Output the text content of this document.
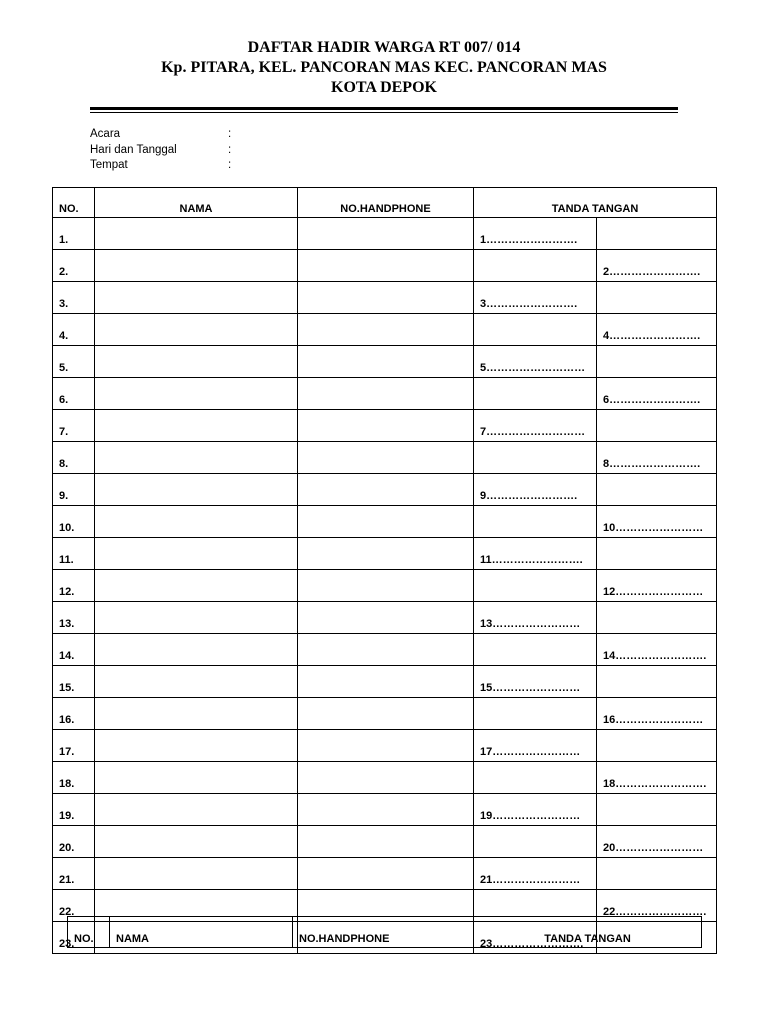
DAFTAR HADIR WARGA RT 007/ 014
Kp. PITARA, KEL. PANCORAN MAS KEC. PANCORAN MAS
KOTA DEPOK
Acara	:
Hari dan Tanggal	:
Tempat	:
NO.	NAMA	NO.HANDPHONE	TANDA TANGAN	
1.			1…………………….	
2.				2…………………….
3.			3…………………….	
4.				4…………………….
5.			5………………………	
6.				6…………………….
7.			7………………………	
8.				8…………………….
9.			9…………………….	
10.				10……………………
11.			11…………………….	
12.				12……………………
13.			13……………………	
14.				14…………………….
15.			15……………………	
16.				16……………………
17.			17……………………	
18.				18…………………….
19.			19……………………	
20.				20……………………
21.			21……………………	
22.				22…………………….
23.			23…………………….	
NO.	NAMA	NO.HANDPHONE	TANDA TANGAN
